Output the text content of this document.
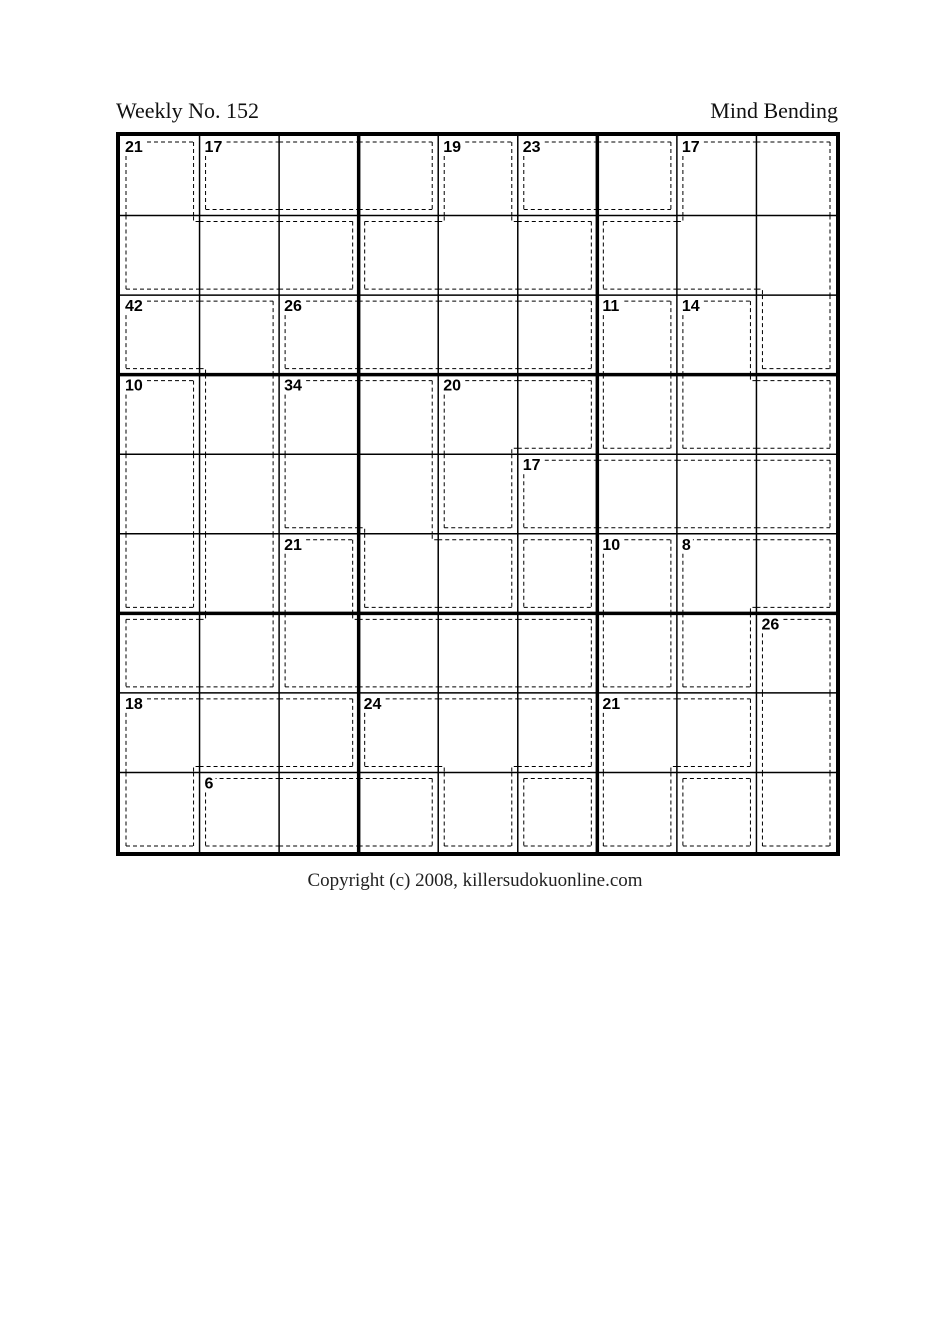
Weekly No. 152	Mind Bending
21	17	19	23	17
42	26	11	14
10	34	20
17
10	8
21
26
18	24	21
6
Copyright (c) 2008, killersudokuonline.com
